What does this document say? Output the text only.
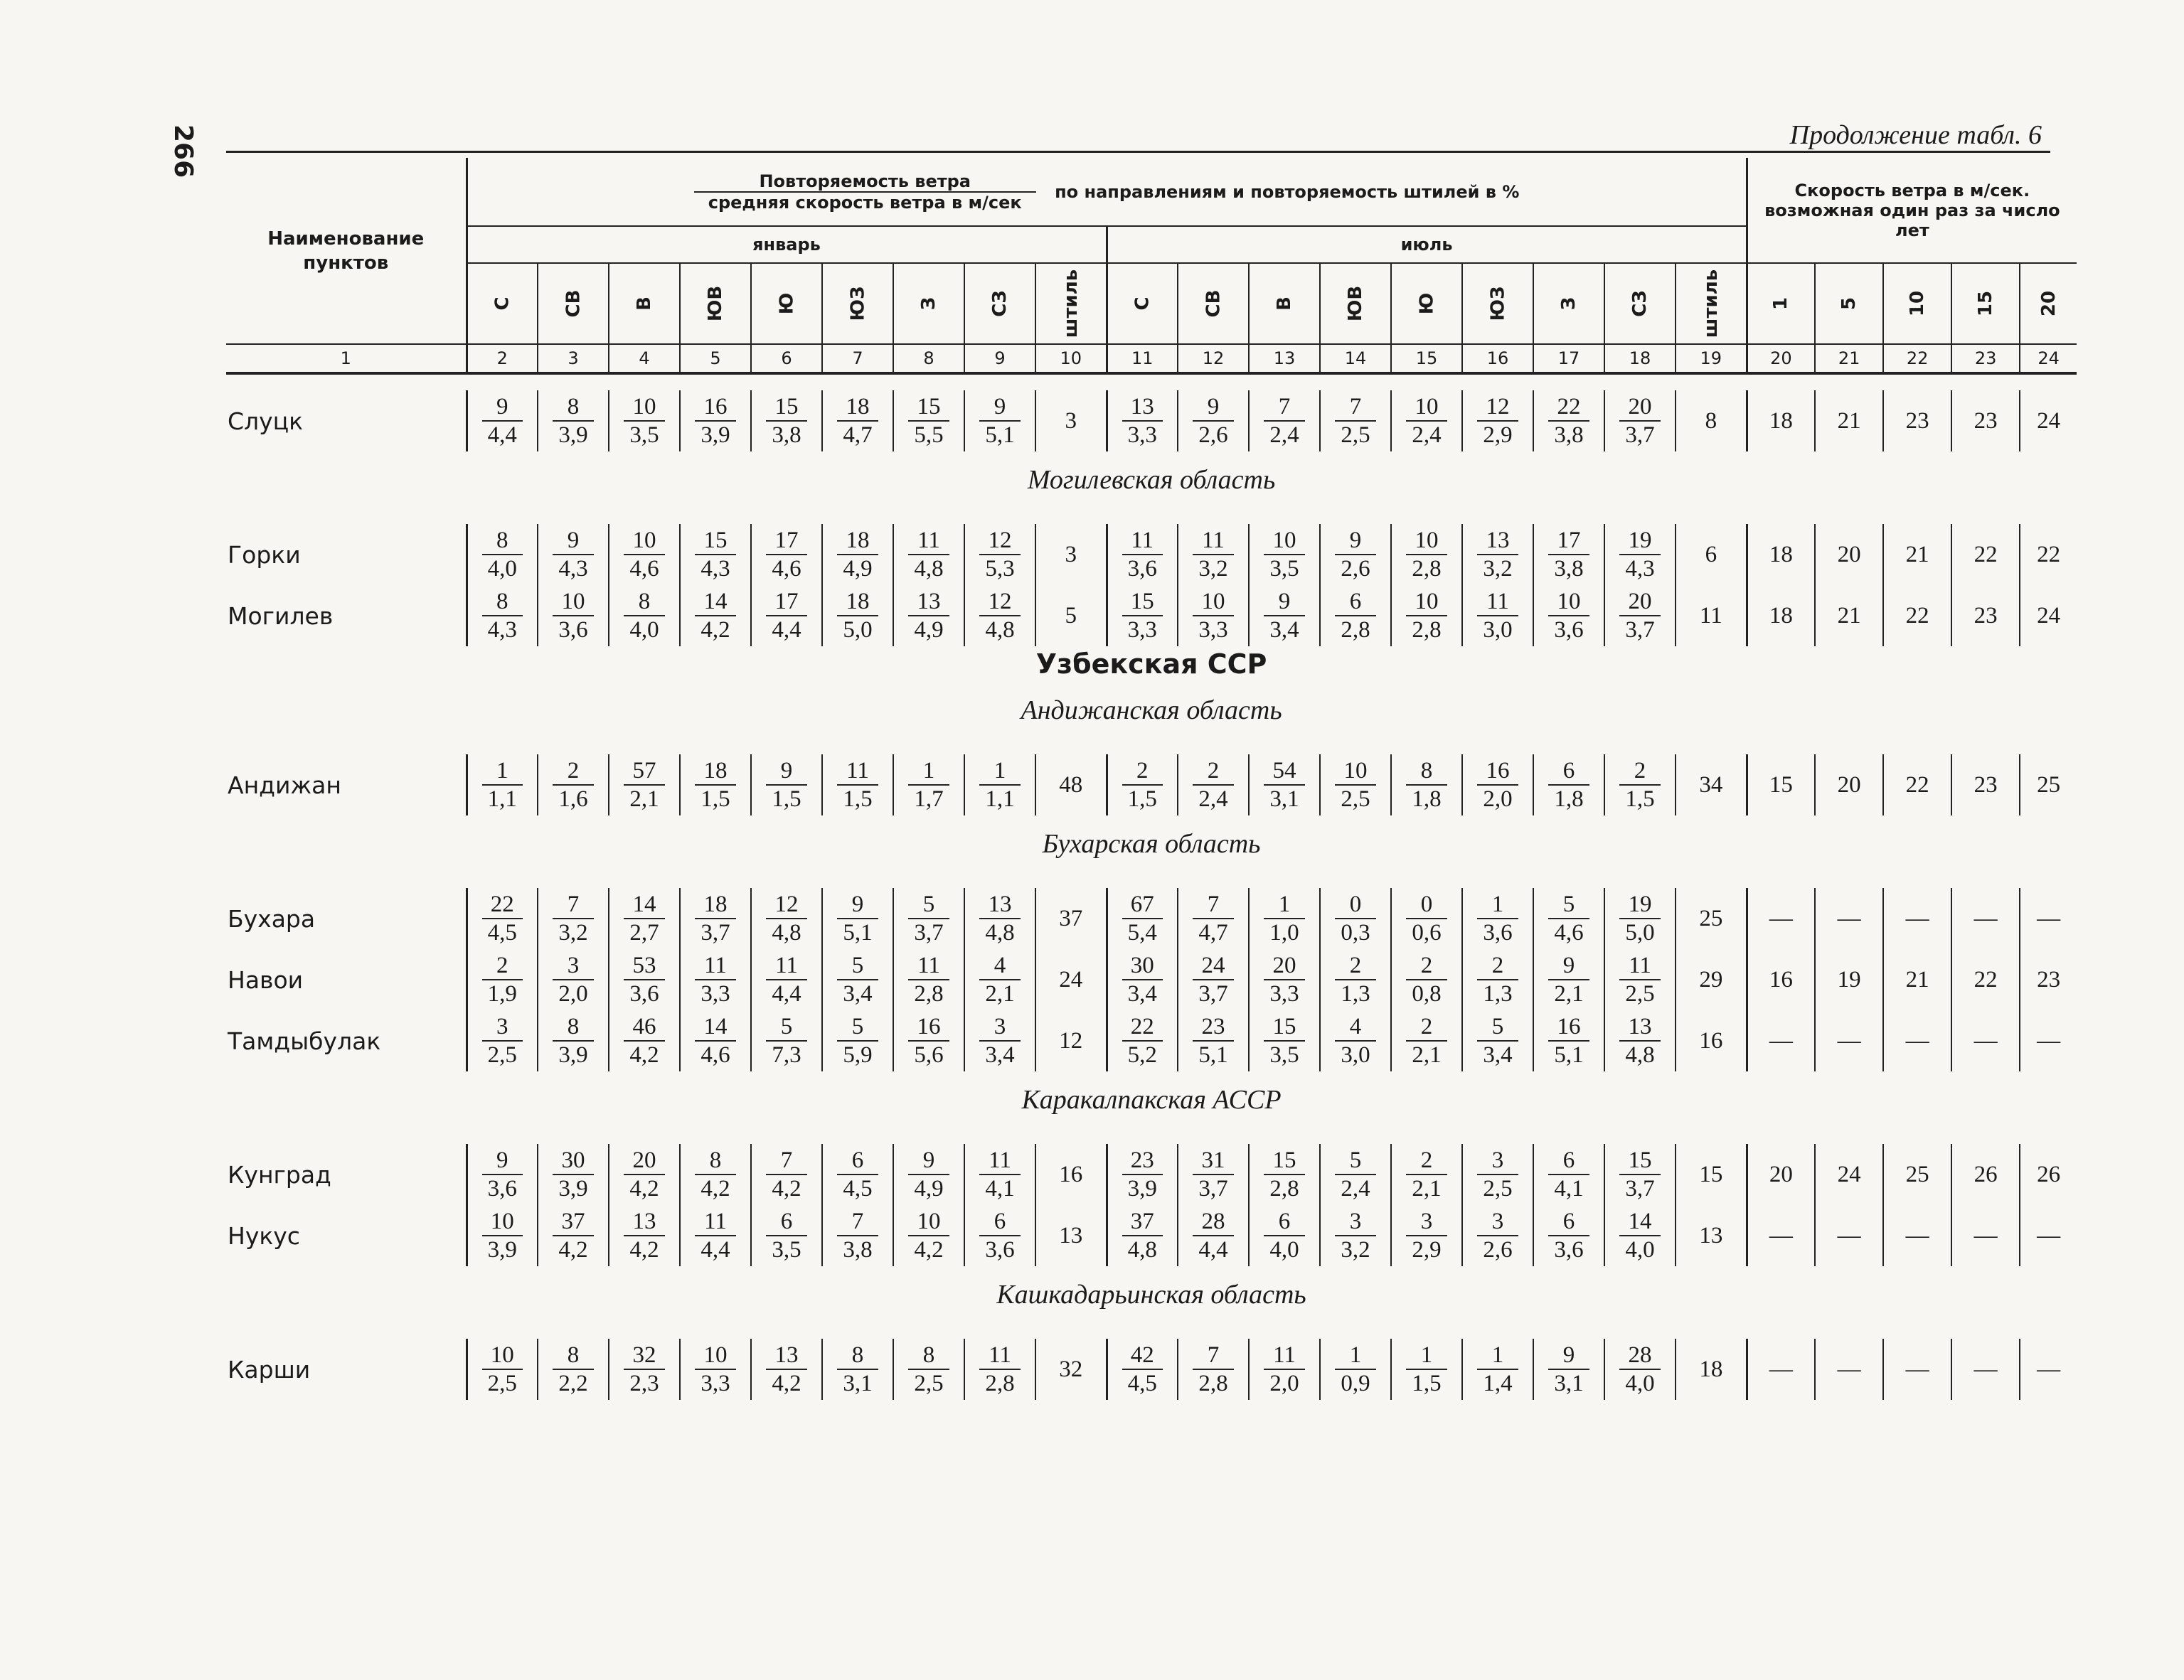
266	Продолжение табл. 6
Наименование пунктов	Повторяемость ветра
средняя скорость ветра в м/сек
по направлениям и повторяемость штилей в %																		Скорость ветра в м/сек. возможная один раз за число лет				
	январь									июль													
	С	СВ	В	ЮВ	Ю	ЮЗ	З	СЗ	штиль	С	СВ	В	ЮВ	Ю	ЮЗ	З	СЗ	штиль	1	5	10	15	20
1	2	3	4	5	6	7	8	9	10	11	12	13	14	15	16	17	18	19	20	21	22	23	24

Слуцк	$\frac{9}{4,4}$	$\frac{8}{3,9}$	$\frac{10}{3,5}$	$\frac{16}{3,9}$	$\frac{15}{3,8}$	$\frac{18}{4,7}$	$\frac{15}{5,5}$	$\frac{9}{5,1}$	3	$\frac{13}{3,3}$	$\frac{9}{2,6}$	$\frac{7}{2,4}$	$\frac{7}{2,5}$	$\frac{10}{2,4}$	$\frac{12}{2,9}$	$\frac{22}{3,8}$	$\frac{20}{3,7}$	8	18	21	23	23	24
Могилевская область																							

Горки	$\frac{8}{4,0}$	$\frac{9}{4,3}$	$\frac{10}{4,6}$	$\frac{15}{4,3}$	$\frac{17}{4,6}$	$\frac{18}{4,9}$	$\frac{11}{4,8}$	$\frac{12}{5,3}$	3	$\frac{11}{3,6}$	$\frac{11}{3,2}$	$\frac{10}{3,5}$	$\frac{9}{2,6}$	$\frac{10}{2,8}$	$\frac{13}{3,2}$	$\frac{17}{3,8}$	$\frac{19}{4,3}$	6	18	20	21	22	22
Могилев	$\frac{8}{4,3}$	$\frac{10}{3,6}$	$\frac{8}{4,0}$	$\frac{14}{4,2}$	$\frac{17}{4,4}$	$\frac{18}{5,0}$	$\frac{13}{4,9}$	$\frac{12}{4,8}$	5	$\frac{15}{3,3}$	$\frac{10}{3,3}$	$\frac{9}{3,4}$	$\frac{6}{2,8}$	$\frac{10}{2,8}$	$\frac{11}{3,0}$	$\frac{10}{3,6}$	$\frac{20}{3,7}$	11	18	21	22	23	24
Узбекская ССР																							
Андижанская область																							

Андижан	$\frac{1}{1,1}$	$\frac{2}{1,6}$	$\frac{57}{2,1}$	$\frac{18}{1,5}$	$\frac{9}{1,5}$	$\frac{11}{1,5}$	$\frac{1}{1,7}$	$\frac{1}{1,1}$	48	$\frac{2}{1,5}$	$\frac{2}{2,4}$	$\frac{54}{3,1}$	$\frac{10}{2,5}$	$\frac{8}{1,8}$	$\frac{16}{2,0}$	$\frac{6}{1,8}$	$\frac{2}{1,5}$	34	15	20	22	23	25
Бухарская область																							

Бухара	$\frac{22}{4,5}$	$\frac{7}{3,2}$	$\frac{14}{2,7}$	$\frac{18}{3,7}$	$\frac{12}{4,8}$	$\frac{9}{5,1}$	$\frac{5}{3,7}$	$\frac{13}{4,8}$	37	$\frac{67}{5,4}$	$\frac{7}{4,7}$	$\frac{1}{1,0}$	$\frac{0}{0,3}$	$\frac{0}{0,6}$	$\frac{1}{3,6}$	$\frac{5}{4,6}$	$\frac{19}{5,0}$	25	—	—	—	—	—
Навои	$\frac{2}{1,9}$	$\frac{3}{2,0}$	$\frac{53}{3,6}$	$\frac{11}{3,3}$	$\frac{11}{4,4}$	$\frac{5}{3,4}$	$\frac{11}{2,8}$	$\frac{4}{2,1}$	24	$\frac{30}{3,4}$	$\frac{24}{3,7}$	$\frac{20}{3,3}$	$\frac{2}{1,3}$	$\frac{2}{0,8}$	$\frac{2}{1,3}$	$\frac{9}{2,1}$	$\frac{11}{2,5}$	29	16	19	21	22	23
Тамдыбулак	$\frac{3}{2,5}$	$\frac{8}{3,9}$	$\frac{46}{4,2}$	$\frac{14}{4,6}$	$\frac{5}{7,3}$	$\frac{5}{5,9}$	$\frac{16}{5,6}$	$\frac{3}{3,4}$	12	$\frac{22}{5,2}$	$\frac{23}{5,1}$	$\frac{15}{3,5}$	$\frac{4}{3,0}$	$\frac{2}{2,1}$	$\frac{5}{3,4}$	$\frac{16}{5,1}$	$\frac{13}{4,8}$	16	—	—	—	—	—
Каракалпакская АССР																							

Кунград	$\frac{9}{3,6}$	$\frac{30}{3,9}$	$\frac{20}{4,2}$	$\frac{8}{4,2}$	$\frac{7}{4,2}$	$\frac{6}{4,5}$	$\frac{9}{4,9}$	$\frac{11}{4,1}$	16	$\frac{23}{3,9}$	$\frac{31}{3,7}$	$\frac{15}{2,8}$	$\frac{5}{2,4}$	$\frac{2}{2,1}$	$\frac{3}{2,5}$	$\frac{6}{4,1}$	$\frac{15}{3,7}$	15	20	24	25	26	26
Нукус	$\frac{10}{3,9}$	$\frac{37}{4,2}$	$\frac{13}{4,2}$	$\frac{11}{4,4}$	$\frac{6}{3,5}$	$\frac{7}{3,8}$	$\frac{10}{4,2}$	$\frac{6}{3,6}$	13	$\frac{37}{4,8}$	$\frac{28}{4,4}$	$\frac{6}{4,0}$	$\frac{3}{3,2}$	$\frac{3}{2,9}$	$\frac{3}{2,6}$	$\frac{6}{3,6}$	$\frac{14}{4,0}$	13	—	—	—	—	—
Кашкадарьинская область																							

Карши	$\frac{10}{2,5}$	$\frac{8}{2,2}$	$\frac{32}{2,3}$	$\frac{10}{3,3}$	$\frac{13}{4,2}$	$\frac{8}{3,1}$	$\frac{8}{2,5}$	$\frac{11}{2,8}$	32	$\frac{42}{4,5}$	$\frac{7}{2,8}$	$\frac{11}{2,0}$	$\frac{1}{0,9}$	$\frac{1}{1,5}$	$\frac{1}{1,4}$	$\frac{9}{3,1}$	$\frac{28}{4,0}$	18	—	—	—	—	—
